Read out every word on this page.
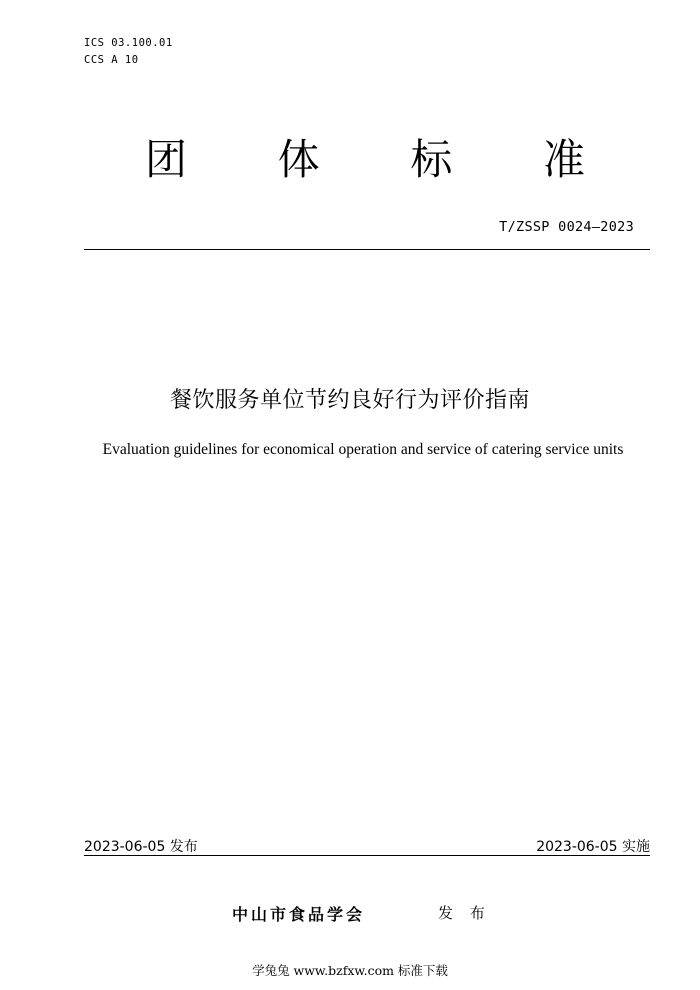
ICS 03.100.01
CCS A 10
团 体 标 准
T/ZSSP 0024—2023
餐饮服务单位节约良好行为评价指南
Evaluation guidelines for economical operation and service of catering service units
2023-06-05 发布	2023-06-05 实施
中山市食品学会	发 布
学兔兔 www.bzfxw.com 标准下载
